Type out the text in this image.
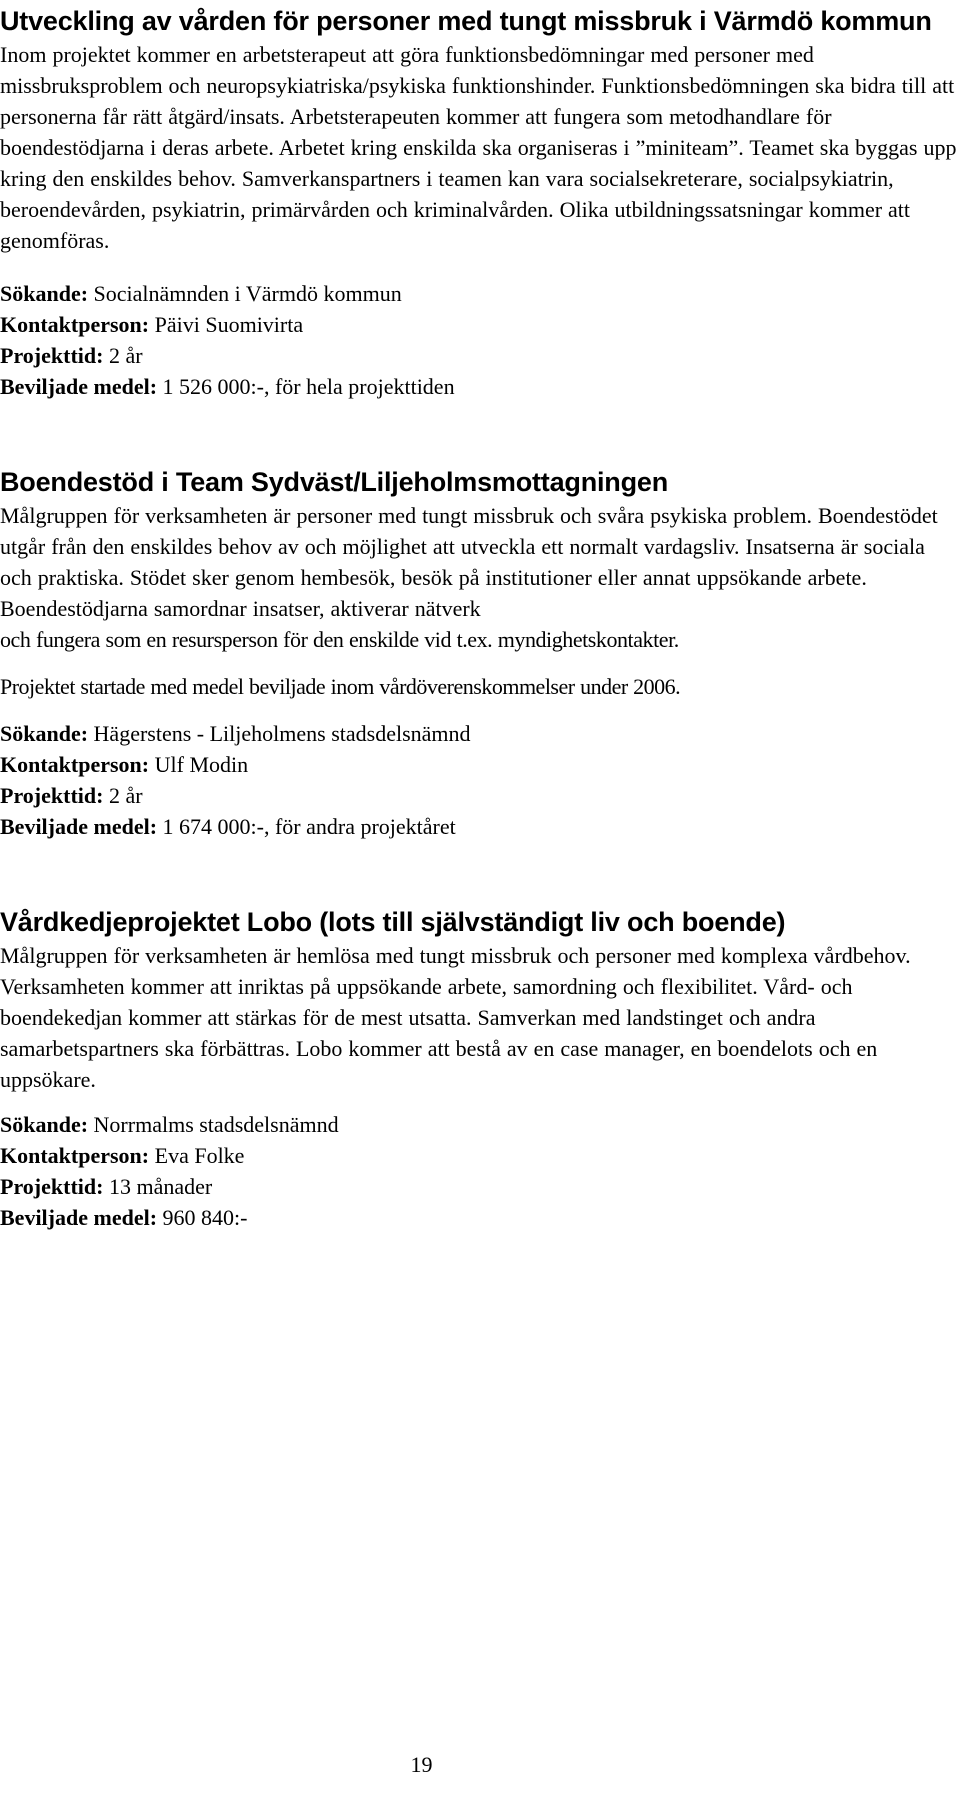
Utveckling av vården för personer med tungt missbruk i Värmdö kommun

Inom projektet kommer en arbetsterapeut att göra funktionsbedömningar med personer med missbruksproblem och neuropsykiatriska/psykiska funktionshinder. Funktionsbedömningen ska bidra till att personerna får rätt åtgärd/insats. Arbetsterapeuten kommer att fungera som metodhandlare för boendestödjarna i deras arbete. Arbetet kring enskilda ska organiseras i ”miniteam”. Teamet ska byggas upp kring den enskildes behov. Samverkanspartners i teamen kan vara socialsekreterare, socialpsykiatrin, beroendevården, psykiatrin, primärvården och kriminalvården. Olika utbildningssatsningar kommer att genomföras.

Sökande: Socialnämnden i Värmdö kommun
Kontaktperson: Päivi Suomivirta
Projekttid: 2 år
Beviljade medel: 1 526 000:-, för hela projekttiden
Boendestöd i Team Sydväst/Liljeholmsmottagningen

Målgruppen för verksamheten är personer med tungt missbruk och svåra psykiska problem. Boendestödet utgår från den enskildes behov av och möjlighet att utveckla ett normalt vardagsliv. Insatserna är sociala och praktiska. Stödet sker genom hembesök, besök på institutioner eller annat uppsökande arbete. Boendestödjarna samordnar insatser, aktiverar nätverk

och fungera som en resursperson för den enskilde vid t.ex. myndighetskontakter.

Projektet startade med medel beviljade inom vårdöverenskommelser under 2006.

Sökande: Hägerstens - Liljeholmens stadsdelsnämnd
Kontaktperson: Ulf Modin
Projekttid: 2 år
Beviljade medel: 1 674 000:-, för andra projektåret
Vårdkedjeprojektet Lobo (lots till självständigt liv och boende)

Målgruppen för verksamheten är hemlösa med tungt missbruk och personer med komplexa vårdbehov. Verksamheten kommer att inriktas på uppsökande arbete, samordning och flexibilitet. Vård- och boendekedjan kommer att stärkas för de mest utsatta. Samverkan med landstinget och andra samarbetspartners ska förbättras. Lobo kommer att bestå av en case manager, en boendelots och en uppsökare.

Sökande: Norrmalms stadsdelsnämnd
Kontaktperson: Eva Folke
Projekttid: 13 månader
Beviljade medel: 960 840:-
19
